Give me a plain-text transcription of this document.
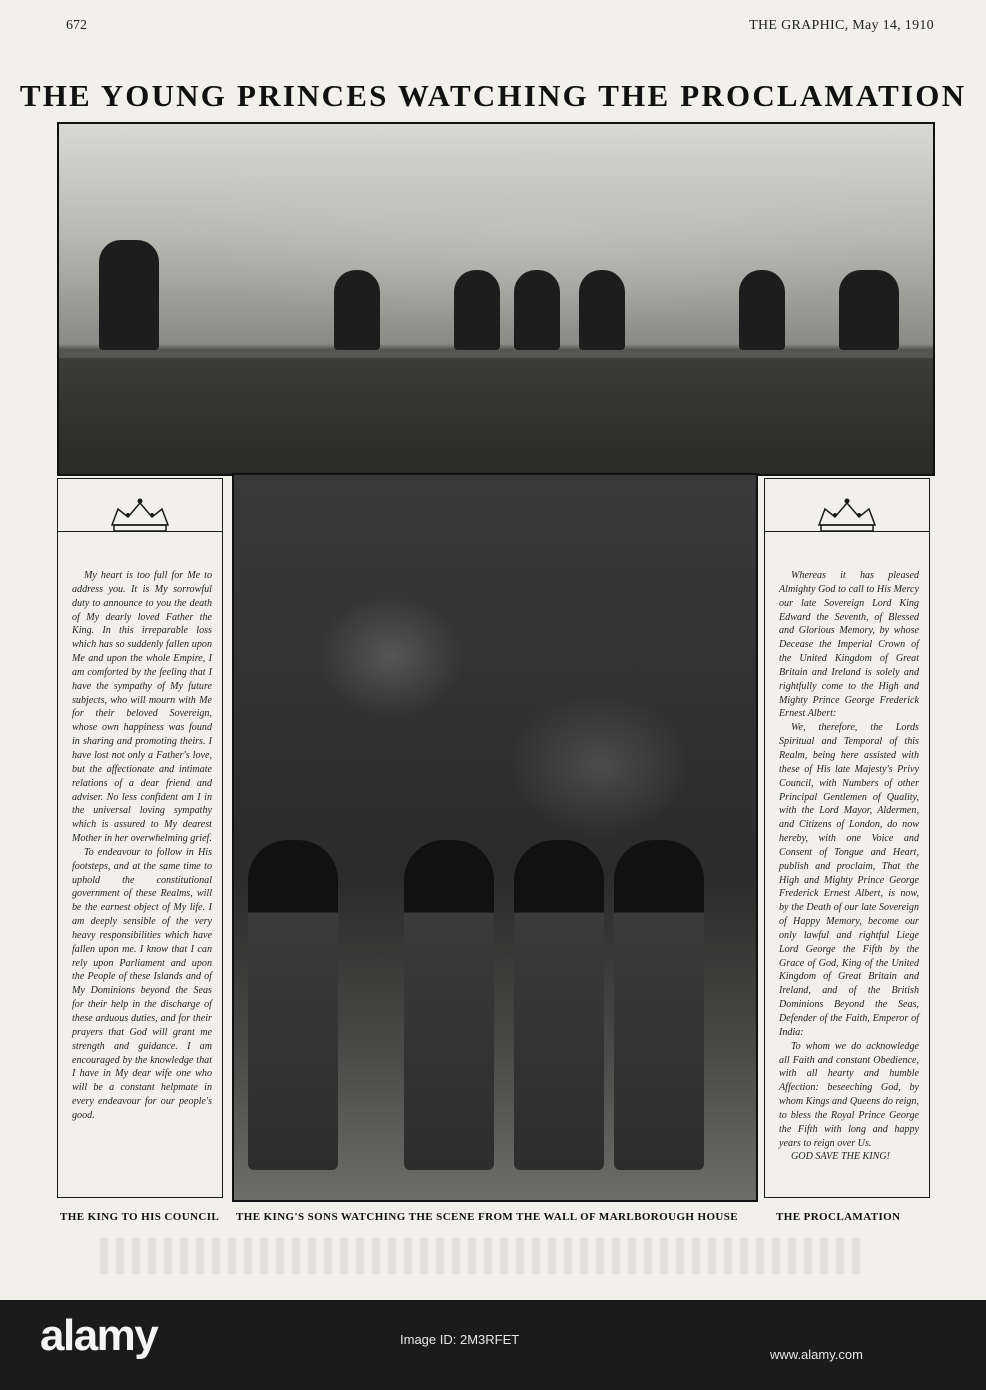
672	THE GRAPHIC, May 14, 1910
THE YOUNG PRINCES WATCHING THE PROCLAMATION

My heart is too full for Me to address you. It is My sorrowful duty to announce to you the death of My dearly loved Father the King. In this irreparable loss which has so suddenly fallen upon Me and upon the whole Empire, I am comforted by the feeling that I have the sympathy of My future subjects, who will mourn with Me for their beloved Sovereign, whose own happiness was found in sharing and promoting theirs. I have lost not only a Father's love, but the affectionate and intimate relations of a dear friend and adviser. No less confident am I in the universal loving sympathy which is assured to My dearest Mother in her overwhelming grief.

To endeavour to follow in His footsteps, and at the same time to uphold the constitutional government of these Realms, will be the earnest object of My life. I am deeply sensible of the very heavy responsibilities which have fallen upon me. I know that I can rely upon Parliament and upon the People of these Islands and of My Dominions beyond the Seas for their help in the discharge of these arduous duties, and for their prayers that God will grant me strength and guidance. I am encouraged by the knowledge that I have in My dear wife one who will be a constant helpmate in every endeavour for our people's good.

Whereas it has pleased Almighty God to call to His Mercy our late Sovereign Lord King Edward the Seventh, of Blessed and Glorious Memory, by whose Decease the Imperial Crown of the United Kingdom of Great Britain and Ireland is solely and rightfully come to the High and Mighty Prince George Frederick Ernest Albert:

We, therefore, the Lords Spiritual and Temporal of this Realm, being here assisted with these of His late Majesty's Privy Council, with Numbers of other Principal Gentlemen of Quality, with the Lord Mayor, Aldermen, and Citizens of London, do now hereby, with one Voice and Consent of Tongue and Heart, publish and proclaim, That the High and Mighty Prince George Frederick Ernest Albert, is now, by the Death of our late Sovereign of Happy Memory, become our only lawful and rightful Liege Lord George the Fifth by the Grace of God, King of the United Kingdom of Great Britain and Ireland, and of the British Dominions Beyond the Seas, Defender of the Faith, Emperor of India:

To whom we do acknowledge all Faith and constant Obedience, with all hearty and humble Affection: beseeching God, by whom Kings and Queens do reign, to bless the Royal Prince George the Fifth with long and happy years to reign over Us.

GOD SAVE THE KING!

THE KING TO HIS COUNCIL THE KING'S SONS WATCHING THE SCENE FROM THE WALL OF MARLBOROUGH HOUSE	THE PROCLAMATION
alamy	Image ID: 2M3RFET
www.alamy.com
